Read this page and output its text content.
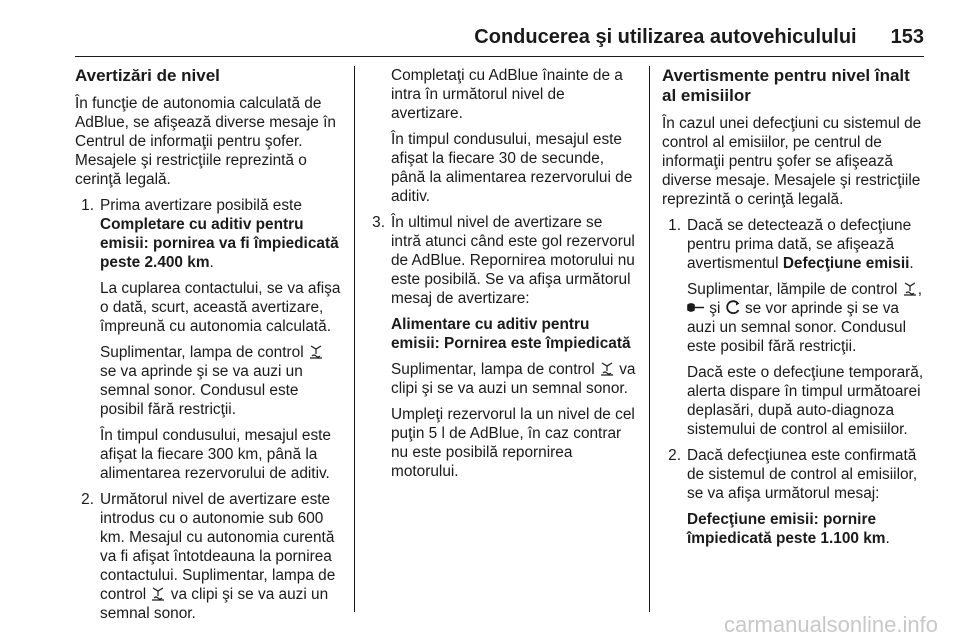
Conducerea şi utilizarea autovehiculului 153
Avertizări de nivel

În funcţie de autonomia calculată de AdBlue, se afişează diverse mesaje în Centrul de informaţii pentru şofer. Mesajele şi restricţiile reprezintă o cerinţă legală.

1. Prima avertizare posibilă este Completare cu aditiv pentru emisii: pornirea va fi împiedicată peste 2.400 km.

La cuplarea contactului, se va afişa o dată, scurt, această avertizare, împreună cu autonomia calculată.

Suplimentar, lampa de control  se va aprinde şi se va auzi un semnal sonor. Condusul este posibil fără restricţii.

În timpul condusului, mesajul este afişat la fiecare 300 km, până la alimentarea rezervorului de aditiv.

2. Următorul nivel de avertizare este introdus cu o autonomie sub 600 km. Mesajul cu autonomia curentă va fi afişat întotdeauna la pornirea contactului. Suplimentar, lampa de control va clipi şi se va auzi un semnal sonor.

Completaţi cu AdBlue înainte de a intra în următorul nivel de avertizare.

În timpul condusului, mesajul este afişat la fiecare 30 de secunde, până la alimentarea rezervorului de aditiv.

3. În ultimul nivel de avertizare se intră atunci când este gol rezervorul de AdBlue. Repornirea motorului nu este posibilă. Se va afişa următorul mesaj de avertizare:

Alimentare cu aditiv pentru emisii: Pornirea este împiedicată

Suplimentar, lampa de control va clipi şi se va auzi un semnal sonor.

Umpleţi rezervorul la un nivel de cel puţin 5 l de AdBlue, în caz contrar nu este posibilă repornirea motorului.

Avertismente pentru nivel înalt al emisiilor

În cazul unei defecţiuni cu sistemul de control al emisiilor, pe centrul de informaţii pentru şofer se afişează diverse mesaje. Mesajele şi restricţiile reprezintă o cerinţă legală.

1. Dacă se detectează o defecţiune pentru prima dată, se afişează avertismentul Defecţiune emisii.

Suplimentar, lămpile de control ,  şi se vor aprinde şi se va auzi un semnal sonor. Condusul este posibil fără restricţii.

Dacă este o defecţiune temporară, alerta dispare în timpul următoarei deplasări, după auto-diagnoza sistemului de control al emisiilor.

2. Dacă defecţiunea este confirmată de sistemul de control al emisiilor, se va afişa următorul mesaj:

Defecţiune emisii: pornire împiedicată peste 1.100 km.

carmanualsonline.info
